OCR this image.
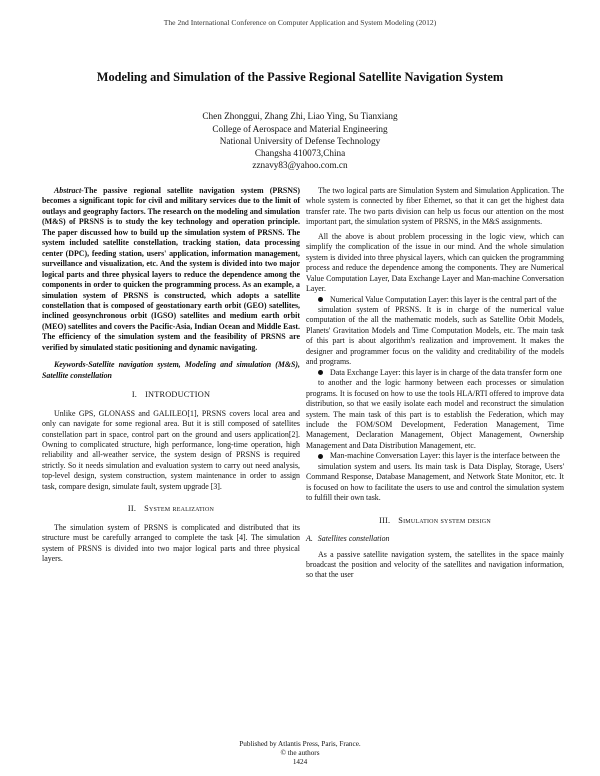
The 2nd International Conference on Computer Application and System Modeling (2012)
Modeling and Simulation of the Passive Regional Satellite Navigation System
Chen Zhonggui, Zhang Zhi, Liao Ying, Su Tianxiang
College of Aerospace and Material Engineering
National University of Defense Technology
Changsha 410073,China
zznavy83@yahoo.com.cn

Abstract-The passive regional satellite navigation system (PRSNS) becomes a significant topic for civil and military services due to the limit of outlays and geography factors. The research on the modeling and simulation (M&S) of PRSNS is to study the key technology and operation principle. The paper discussed how to build up the simulation system of PRSNS. The system included satellite constellation, tracking station, data processing center (DPC), feeding station, users' application, information management, surveillance and visualization, etc. And the system is divided into two major logical parts and three physical layers to reduce the dependence among the components in order to quicken the programming process. As an example, a simulation system of PRSNS is constructed, which adopts a satellite constellation that is composed of geostationary earth orbit (GEO) satellites, inclined geosynchronous orbit (IGSO) satellites and medium earth orbit (MEO) satellites and covers the Pacific-Asia, Indian Ocean and Middle East. The efficiency of the simulation system and the feasibility of PRSNS are verified by simulated static positioning and dynamic navigating.

Keywords-Satellite navigation system, Modeling and simulation (M&S), Satellite constellation

I. INTRODUCTION

Unlike GPS, GLONASS and GALILEO[1], PRSNS covers local area and only can navigate for some regional area. But it is still composed of satellites constellation part in space, control part on the ground and users application[2]. Owning to complicated structure, high performance, long-time operation, high reliability and all-weather service, the system design of PRSNS is required strictly. So it needs simulation and evaluation system to carry out need analysis, top-level design, system construction, system maintenance in order to assign task, compare design, simulate fault, system upgrade [3].

II. System realization

The simulation system of PRSNS is complicated and distributed that its structure must be carefully arranged to complete the task [4]. The simulation system of PRSNS is divided into two major logical parts and three physical layers.

The two logical parts are Simulation System and Simulation Application. The whole system is connected by fiber Ethernet, so that it can get the highest data transfer rate. The two parts division can help us focus our attention on the most important part, the simulation system of PRSNS, in the M&S assignments.

All the above is about problem processing in the logic view, which can simplify the complication of the issue in our mind. And the whole simulation system is divided into three physical layers, which can quicken the programming process and reduce the dependence among the components. They are Numerical Value Computation Layer, Data Exchange Layer and Man-machine Conversation Layer.

Numerical Value Computation Layer: this layer is the central part of the

simulation system of PRSNS. It is in charge of the numerical value computation of the all the mathematic models, such as Satellite Orbit Models, Planets' Gravitation Models and Time Computation Models, etc. The main task of this part is about algorithm's realization and improvement. It makes the designer and programmer focus on the validity and creditability of the models and programs.

Data Exchange Layer: this layer is in charge of the data transfer form one

to another and the logic harmony between each processes or simulation programs. It is focused on how to use the tools HLA/RTI offered to improve data distribution, so that we easily isolate each model and reconstruct the simulation system. The main task of this part is to establish the Federation, which may include the FOM/SOM Development, Federation Management, Time Management, Declaration Management, Object Management, Ownership Management and Data Distribution Management, etc.

Man-machine Conversation Layer: this layer is the interface between the

simulation system and users. Its main task is Data Display, Storage, Users' Command Response, Database Management, and Network State Monitor, etc. It is focused on how to facilitate the users to use and control the simulation system to fulfill their own task.

III. Simulation system design
A. Satellites constellation

As a passive satellite navigation system, the satellites in the space mainly broadcast the position and velocity of the satellites and navigation information, so that the user

Published by Atlantis Press, Paris, France.
© the authors
1424
